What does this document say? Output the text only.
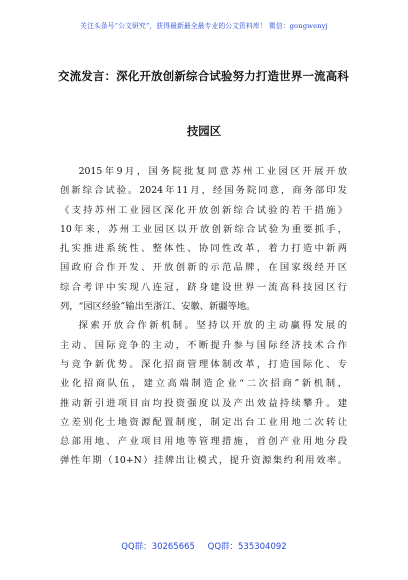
关注头条号“公文研究”，获得最新最全最专业的公文资料库！ 微信：gongwenyj
交流发言：深化开放创新综合试验努力打造世界一流高科
技园区
2015年9月，国务院批复同意苏州工业园区开展开放
创新综合试验。2024年11月，经国务院同意，商务部印发
《支持苏州工业园区深化开放创新综合试验的若干措施》
10年来，苏州工业园区以开放创新综合试验为重要抓手，
扎实推进系统性、整体性、协同性改革，着力打造中新两
国政府合作开发、开放创新的示范品牌，在国家级经开区
综合考评中实现八连冠，跻身建设世界一流高科技园区行
列，“园区经验”输出至浙江、安徽、新疆等地。
探索开放合作新机制。坚持以开放的主动赢得发展的
主动、国际竞争的主动，不断提升参与国际经济技术合作
与竞争新优势。深化招商管理体制改革，打造国际化、专
业化招商队伍，建立高端制造企业“二次招商”新机制，
推动新引进项目亩均投资强度以及产出效益持续攀升。建
立差别化土地资源配置制度，制定出台工业用地二次转让
总部用地、产业项目用地等管理措施，首创产业用地分段
弹性年期（10+N）挂牌出让模式，提升资源集约利用效率。
QQ群：30265665 QQ群：535304092
